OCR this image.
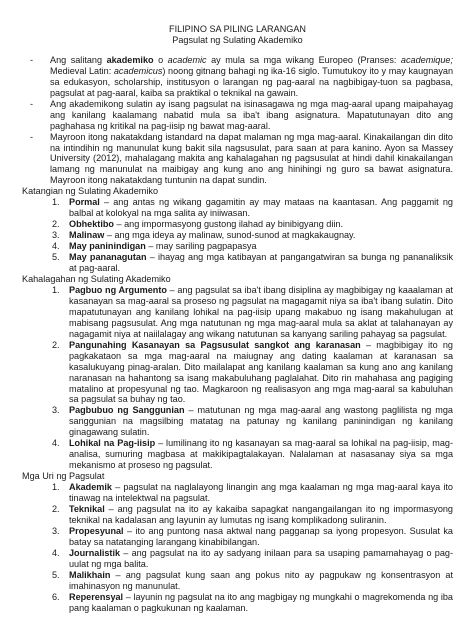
FILIPINO SA PILING LARANGAN

Pagsulat ng Sulating Akademiko

- Ang salitang akademiko o academic ay mula sa mga wikang Europeo (Pranses: academique; Medieval Latin: academicus) noong gitnang bahagi ng ika-16 siglo. Tumutukoy ito y may kaugnayan sa edukasyon, scholarship, institusyon o larangan ng pag-aaral na nagbibigay-tuon sa pagbasa, pagsulat at pag-aaral, kaiba sa praktikal o teknikal na gawain.
- Ang akademikong sulatin ay isang pagsulat na isinasagawa ng mga mag-aaral upang maipahayag ang kanilang kaalamang nabatid mula sa iba't ibang asignatura. Mapatutunayan dito ang paghahasa ng kritikal na pag-iisip ng bawat mag-aaral.
- Mayroon itong nakatakdang istandard na dapat malaman ng mga mag-aaral. Kinakailangan din dito na intindihin ng manunulat kung bakit sila nagsusulat, para saan at para kanino. Ayon sa Massey University (2012), mahalagang makita ang kahalagahan ng pagsusulat at hindi dahil kinakailangan lamang ng manunulat na maibigay ang kung ano ang hinihingi ng guro sa bawat asignatura. Mayroon itong nakatakdang tuntunin na dapat sundin.

Katangian ng Sulating Akademiko

1. Pormal – ang antas ng wikang gagamitin ay may mataas na kaantasan. Ang paggamit ng balbal at kolokyal na mga salita ay iniiwasan.
2. Obhektibo – ang impormasyong gustong ilahad ay binibigyang diin.
3. Malinaw – ang mga ideya ay malinaw, sunod-sunod at magkakaugnay.
4. May paninindigan – may sariling pagpapasya
5. May pananagutan – ihayag ang mga katibayan at pangangatwiran sa bunga ng pananaliksik at pag-aaral.

Kahalagahan ng Sulating Akademiko

1. Pagbuo ng Argumento – ang pagsulat sa iba't ibang disiplina ay magbibigay ng kaaalaman at kasanayan sa mag-aaral sa proseso ng pagsulat na magagamit niya sa iba't ibang sulatin. Dito mapatutunayan ang kanilang lohikal na pag-iisip upang makabuo ng isang makahulugan at mabisang pagsusulat. Ang mga natutunan ng mga mag-aaral mula sa aklat at talahanayan ay nagagamit niya at naiilalagay ang wikang natutunan sa kanyang sariling pahayag sa pagsulat.
2. Pangunahing Kasanayan sa Pagsusulat sangkot ang karanasan – magbibigay ito ng pagkakataon sa mga mag-aaral na maiugnay ang dating kaalaman at karanasan sa kasalukuyang pinag-aralan. Dito mailalapat ang kanilang kaalaman sa kung ano ang kanilang naranasan na hahantong sa isang makabuluhang paglalahat. Dito rin mahahasa ang pagiging matalino at propesyunal ng tao. Magkaroon ng realisasyon ang mga mag-aaral sa kabuluhan sa pagsulat sa buhay ng tao.
3. Pagbubuo ng Sanggunian – matutunan ng mga mag-aaral ang wastong paglilista ng mga sanggunian na magsilbing matatag na patunay ng kanilang paninindigan ng kanilang ginagawang sulatin.
4. Lohikal na Pag-iisip – lumilinang ito ng kasanayan sa mag-aaral sa lohikal na pag-iisip, mag-analisa, sumuring magbasa at makikipagtalakayan. Nalalaman at nasasanay siya sa mga mekanismo at proseso ng pagsulat.

Mga Uri ng Pagsulat

1. Akademik – pagsulat na naglalayong linangin ang mga kaalaman ng mga mag-aaral kaya ito tinawag na intelektwal na pagsulat.
2. Teknikal – ang pagsulat na ito ay kakaiba sapagkat nangangailangan ito ng impormasyong teknikal na kadalasan ang layunin ay lumutas ng isang komplikadong suliranin.
3. Propesyunal – ito ang puntong nasa aktwal nang pagganap sa iyong propesyon. Susulat ka batay sa natatanging larangang kinabibilangan.
4. Journalistik – ang pagsulat na ito ay sadyang inilaan para sa usaping pamamahayag o pag-uulat ng mga balita.
5. Malikhain – ang pagsulat kung saan ang pokus nito ay pagpukaw ng konsentrasyon at imahinasyon ng manunulat.
6. Reperensyal – layunin ng pagsulat na ito ang magbigay ng mungkahi o magrekomenda ng iba pang kaalaman o pagkukunan ng kaalaman.
